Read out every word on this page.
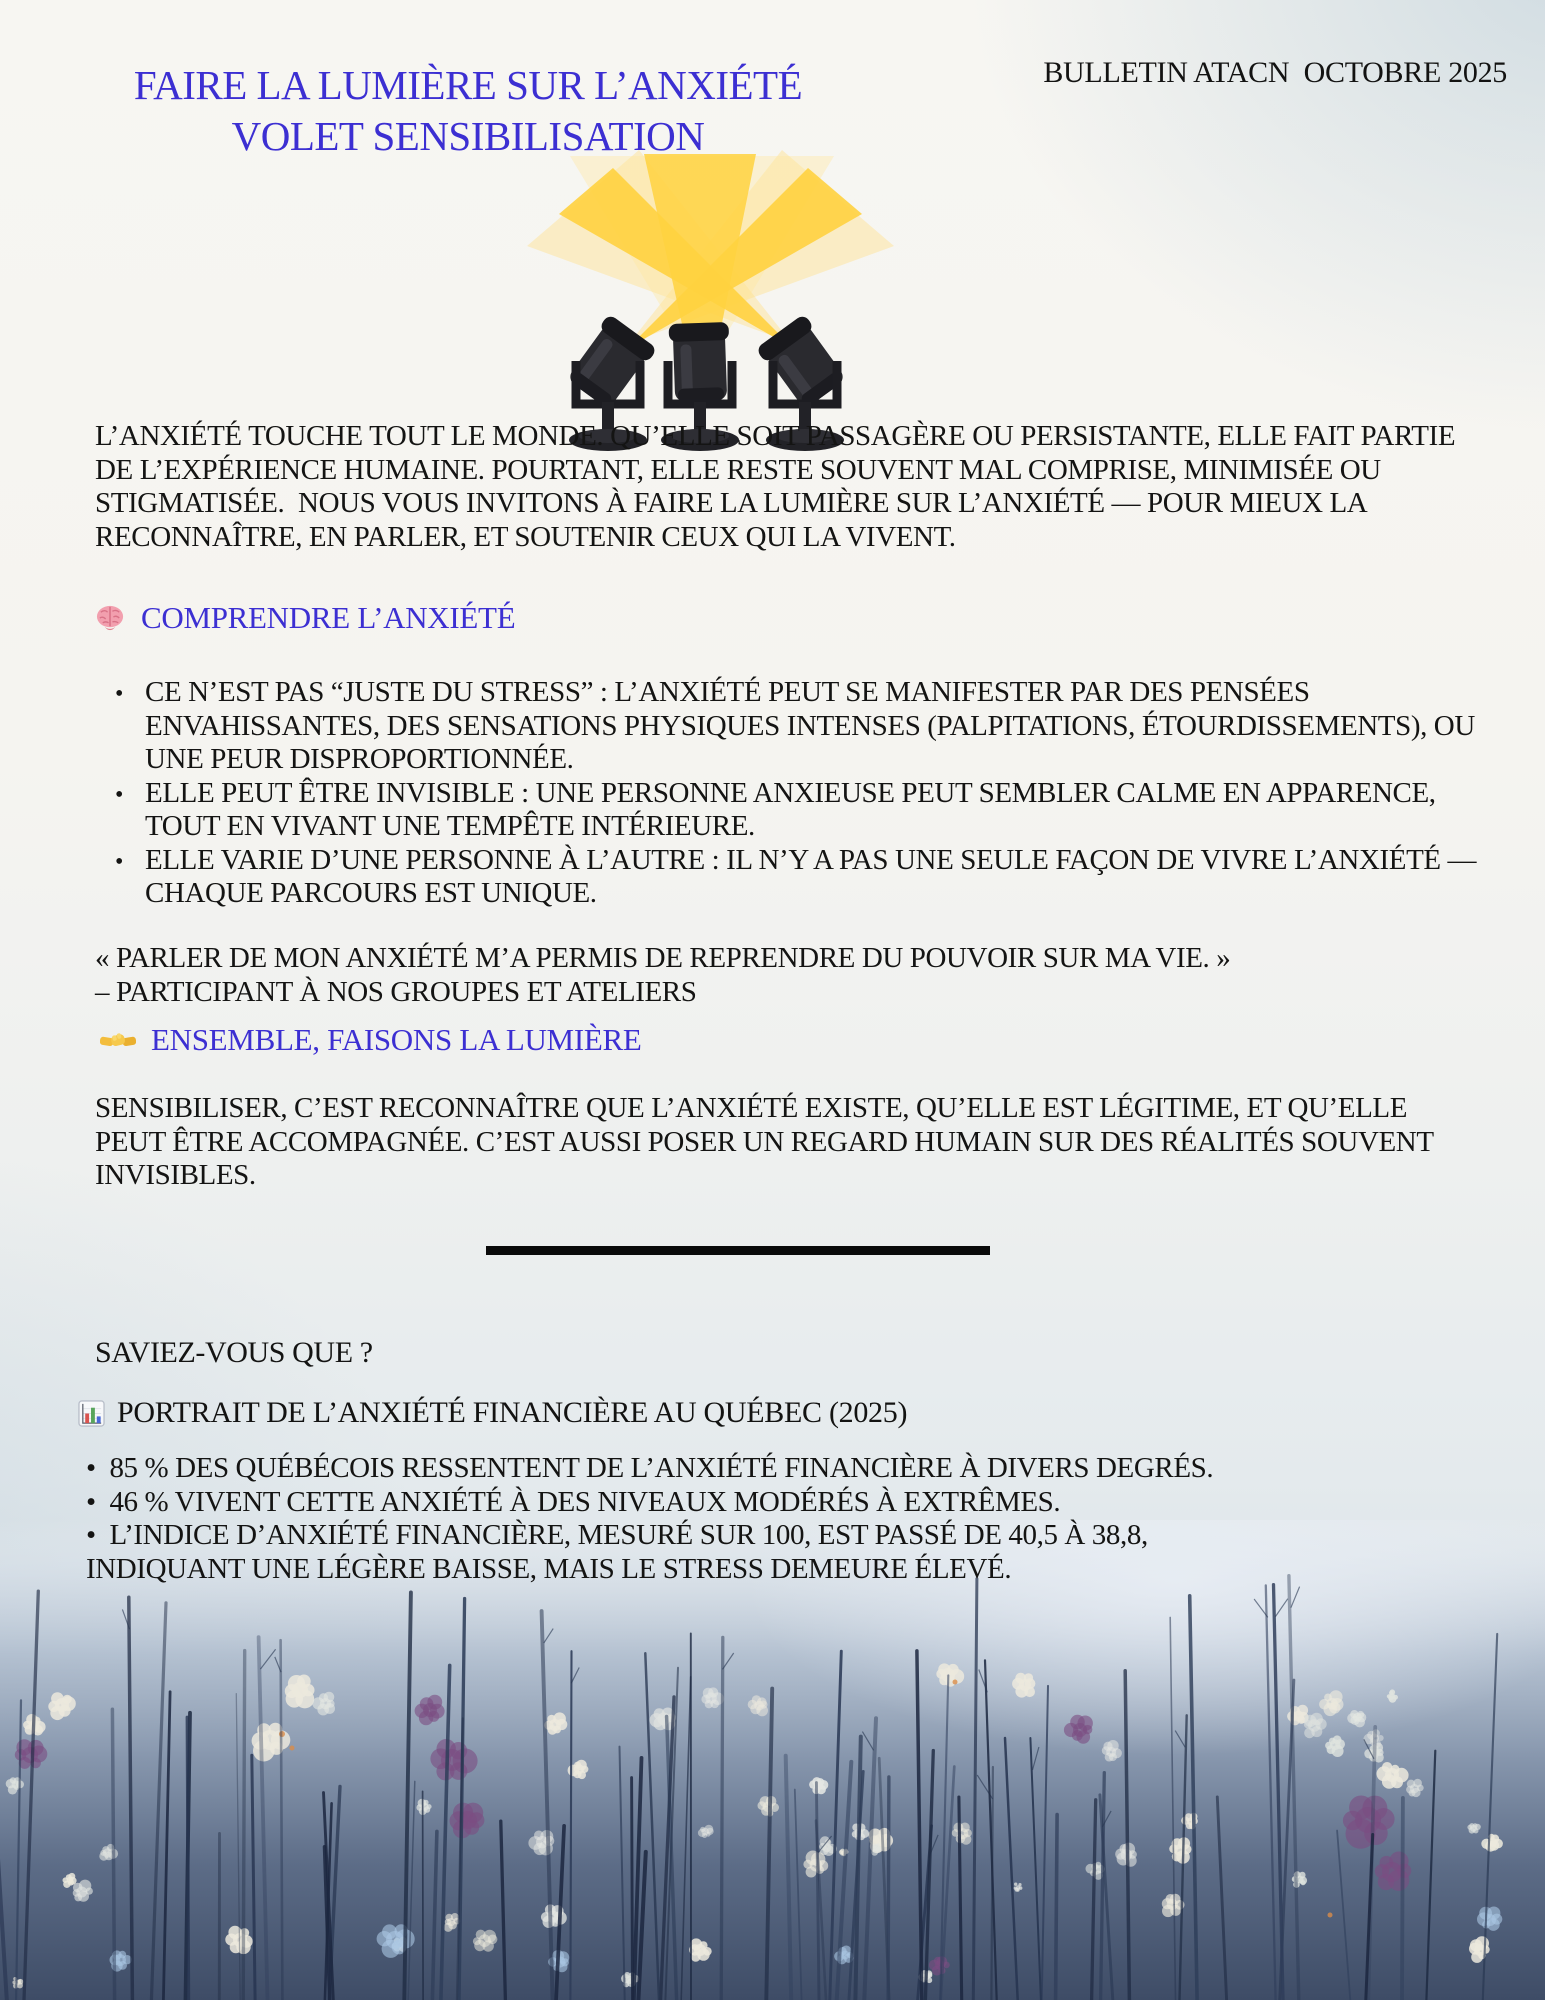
FAIRE LA LUMIÈRE SUR L’ANXIÉTÉ
VOLET SENSIBILISATION
BULLETIN ATACN  OCTOBRE 2025
L’ANXIÉTÉ TOUCHE TOUT LE MONDE. QU’ELLE SOIT PASSAGÈRE OU PERSISTANTE, ELLE FAIT PARTIE DE L’EXPÉRIENCE HUMAINE. POURTANT, ELLE RESTE SOUVENT MAL COMPRISE, MINIMISÉE OU STIGMATISÉE.  NOUS VOUS INVITONS À FAIRE LA LUMIÈRE SUR L’ANXIÉTÉ — POUR MIEUX LA RECONNAÎTRE, EN PARLER, ET SOUTENIR CEUX QUI LA VIVENT.
COMPRENDRE L’ANXIÉTÉ
• CE N’EST PAS “JUSTE DU STRESS” : L’ANXIÉTÉ PEUT SE MANIFESTER PAR DES PENSÉES ENVAHISSANTES, DES SENSATIONS PHYSIQUES INTENSES (PALPITATIONS, ÉTOURDISSEMENTS), OU UNE PEUR DISPROPORTIONNÉE.
• ELLE PEUT ÊTRE INVISIBLE : UNE PERSONNE ANXIEUSE PEUT SEMBLER CALME EN APPARENCE, TOUT EN VIVANT UNE TEMPÊTE INTÉRIEURE.
• ELLE VARIE D’UNE PERSONNE À L’AUTRE : IL N’Y A PAS UNE SEULE FAÇON DE VIVRE L’ANXIÉTÉ — CHAQUE PARCOURS EST UNIQUE.
« PARLER DE MON ANXIÉTÉ M’A PERMIS DE REPRENDRE DU POUVOIR SUR MA VIE. »
– PARTICIPANT À NOS GROUPES ET ATELIERS
ENSEMBLE, FAISONS LA LUMIÈRE
SENSIBILISER, C’EST RECONNAÎTRE QUE L’ANXIÉTÉ EXISTE, QU’ELLE EST LÉGITIME, ET QU’ELLE PEUT ÊTRE ACCOMPAGNÉE. C’EST AUSSI POSER UN REGARD HUMAIN SUR DES RÉALITÉS SOUVENT INVISIBLES.
SAVIEZ-VOUS QUE ?
PORTRAIT DE L’ANXIÉTÉ FINANCIÈRE AU QUÉBEC (2025)
•  85 % DES QUÉBÉCOIS RESSENTENT DE L’ANXIÉTÉ FINANCIÈRE À DIVERS DEGRÉS.
•  46 % VIVENT CETTE ANXIÉTÉ À DES NIVEAUX MODÉRÉS À EXTRÊMES.
•  L’INDICE D’ANXIÉTÉ FINANCIÈRE, MESURÉ SUR 100, EST PASSÉ DE 40,5 À 38,8,
INDIQUANT UNE LÉGÈRE BAISSE, MAIS LE STRESS DEMEURE ÉLEVÉ.
